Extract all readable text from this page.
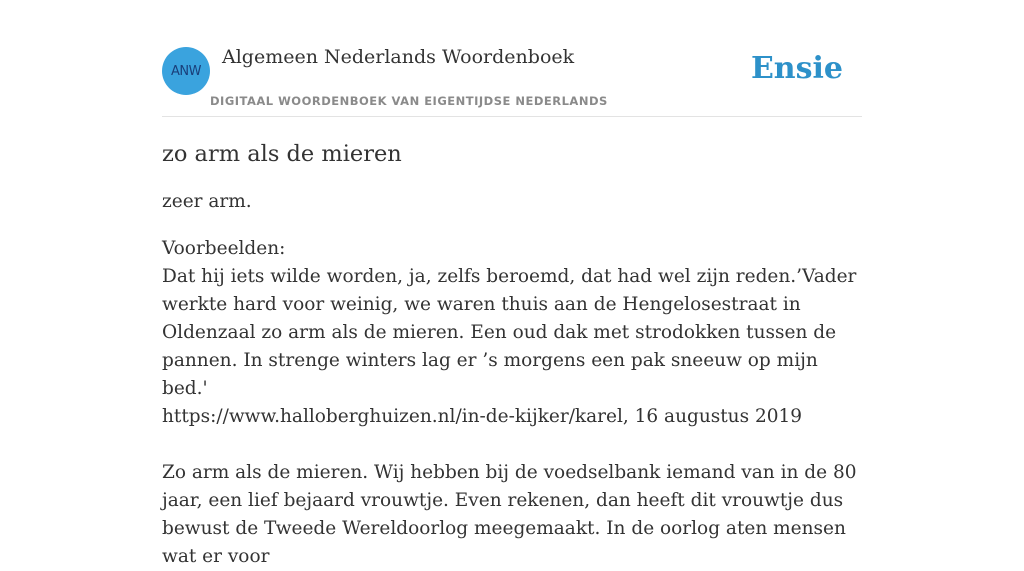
ANW
Algemeen Nederlands Woordenboek
DIGITAAL WOORDENBOEK VAN EIGENTIJDSE NEDERLANDS
Ensie
zo arm als de mieren

zeer arm.

Voorbeelden:
Dat hij iets wilde worden, ja, zelfs beroemd, dat had wel zijn reden.’Vader werkte hard voor weinig, we waren thuis aan de Hengelosestraat in Oldenzaal zo arm als de mieren. Een oud dak met strodokken tussen de pannen. In strenge winters lag er ’s morgens een pak sneeuw op mijn bed.'
https://www.halloberghuizen.nl/in-de-kijker/karel, 16 augustus 2019
Zo arm als de mieren. Wij hebben bij de voedselbank iemand van in de 80 jaar, een lief bejaard vrouwtje. Even rekenen, dan heeft dit vrouwtje dus bewust de Tweede Wereldoorlog meegemaakt. In de oorlog aten mensen wat er voor
